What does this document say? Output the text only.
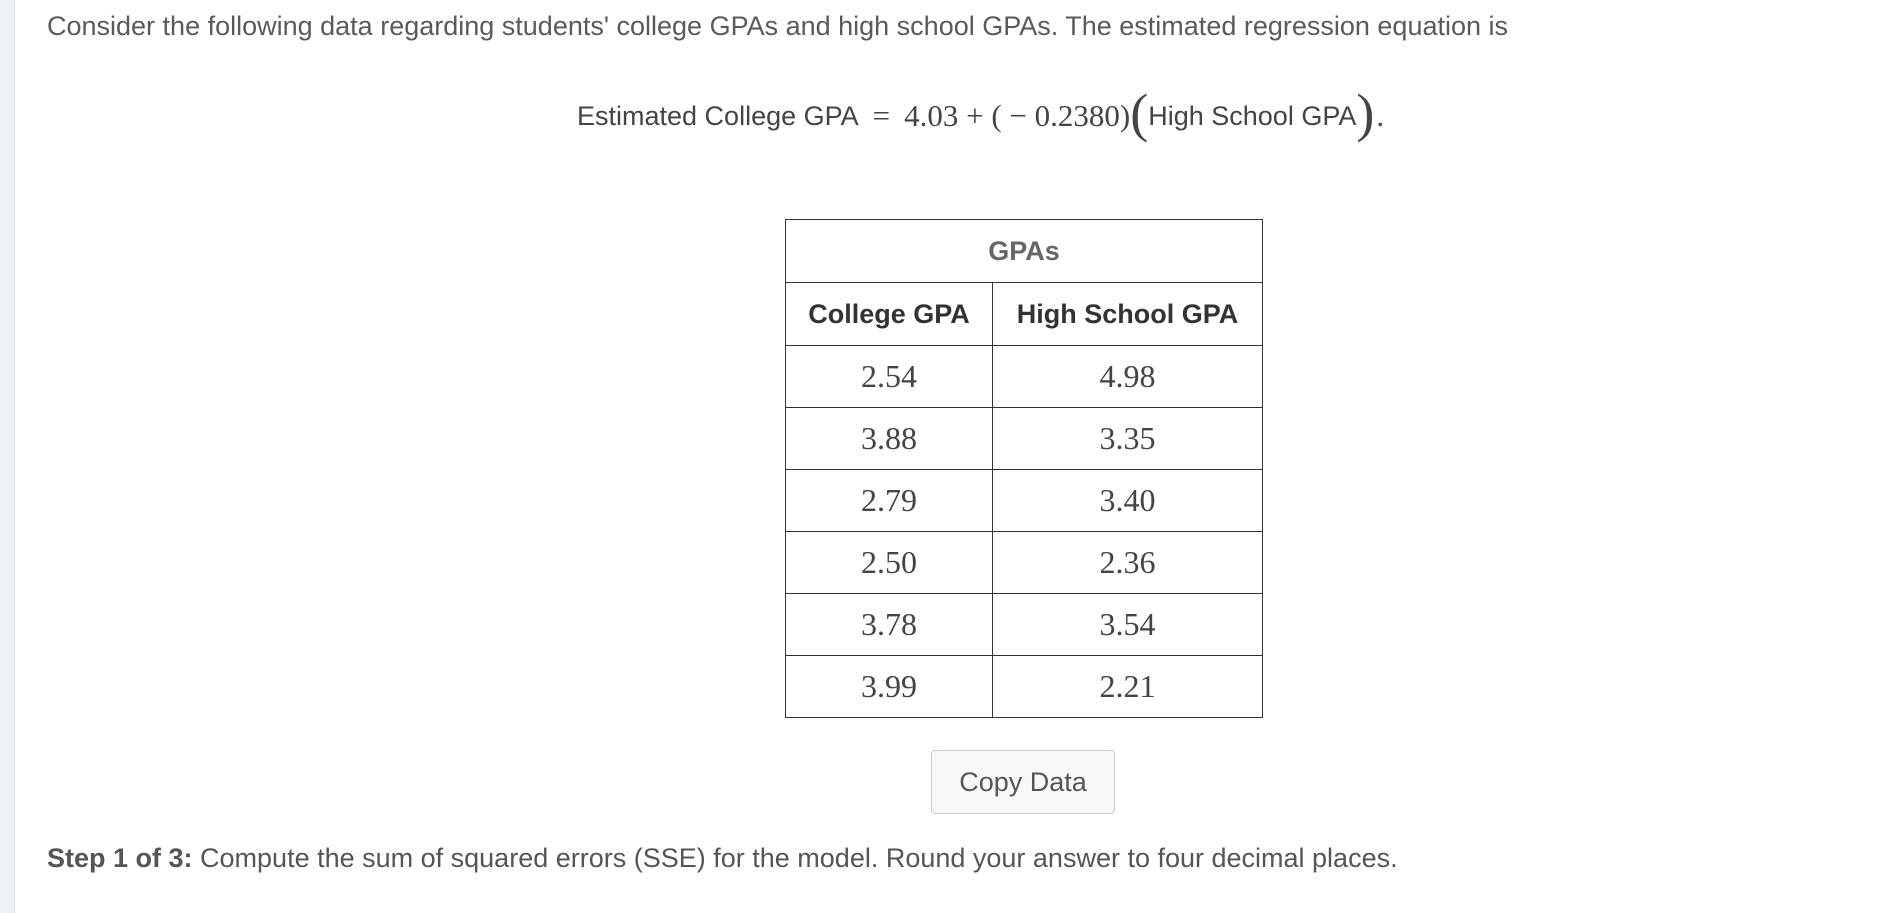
Consider the following data regarding students' college GPAs and high school GPAs. The estimated regression equation is
Estimated College GPA = 4.03 + ( − 0.2380) ( High School GPA ) .
GPAs	
College GPA	High School GPA
2.54	4.98
3.88	3.35
2.79	3.40
2.50	2.36
3.78	3.54
3.99	2.21
Copy Data
Step 1 of 3: Compute the sum of squared errors (SSE) for the model. Round your answer to four decimal places.
